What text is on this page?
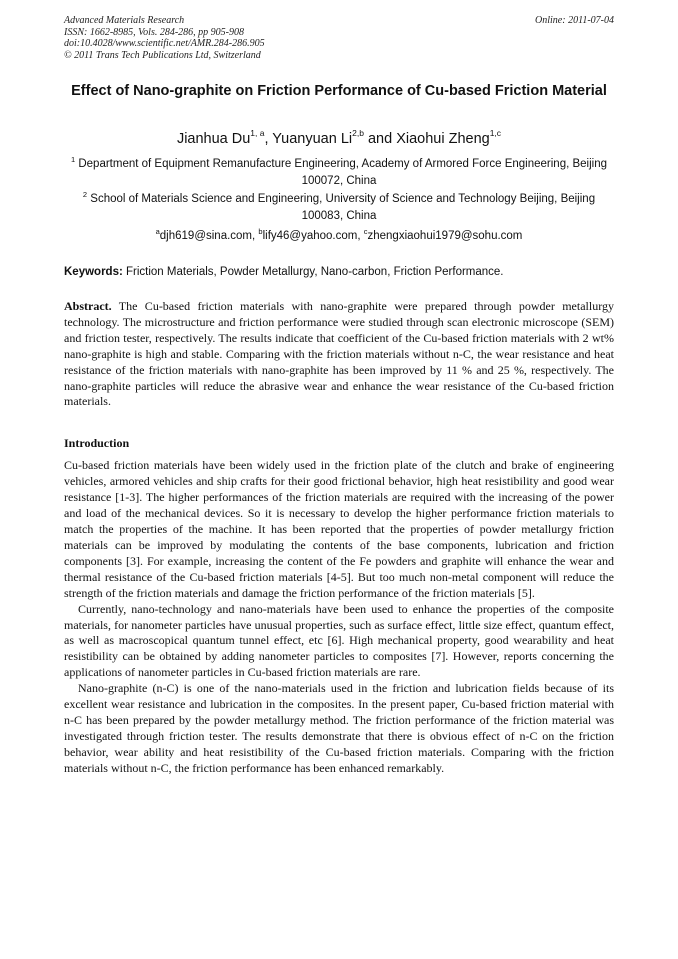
Advanced Materials Research
ISSN: 1662-8985, Vols. 284-286, pp 905-908
doi:10.4028/www.scientific.net/AMR.284-286.905
© 2011 Trans Tech Publications Ltd, Switzerland
Online: 2011-07-04
Effect of Nano-graphite on Friction Performance of Cu-based Friction Material
Jianhua Du$^{1, a}$, Yuanyuan Li$^{2,b}$ and Xiaohui Zheng$^{1,c}$
$^1$ Department of Equipment Remanufacture Engineering, Academy of Armored Force Engineering, Beijing 100072, China
$^2$ School of Materials Science and Engineering, University of Science and Technology Beijing, Beijing 100083, China
$^a$djh619@sina.com, $^b$lify46@yahoo.com, $^c$zhengxiaohui1979@sohu.com
Keywords: Friction Materials, Powder Metallurgy, Nano-carbon, Friction Performance.
Abstract. The Cu-based friction materials with nano-graphite were prepared through powder metallurgy technology. The microstructure and friction performance were studied through scan electronic microscope (SEM) and friction tester, respectively. The results indicate that coefficient of the Cu-based friction materials with 2 wt% nano-graphite is high and stable. Comparing with the friction materials without n-C, the wear resistance and heat resistance of the friction materials with nano-graphite has been improved by 11 % and 25 %, respectively. The nano-graphite particles will reduce the abrasive wear and enhance the wear resistance of the Cu-based friction materials.
Introduction

Cu-based friction materials have been widely used in the friction plate of the clutch and brake of engineering vehicles, armored vehicles and ship crafts for their good frictional behavior, high heat resistibility and good wear resistance [1-3]. The higher performances of the friction materials are required with the increasing of the power and load of the mechanical devices. So it is necessary to develop the higher performance friction materials to match the properties of the machine. It has been reported that the properties of powder metallurgy friction materials can be improved by modulating the contents of the base components, lubrication and friction components [3]. For example, increasing the content of the Fe powders and graphite will enhance the wear and thermal resistance of the Cu-based friction materials [4-5]. But too much non-metal component will reduce the strength of the friction materials and damage the friction performance of the friction materials [5].

Currently, nano-technology and nano-materials have been used to enhance the properties of the composite materials, for nanometer particles have unusual properties, such as surface effect, little size effect, quantum effect, as well as macroscopical quantum tunnel effect, etc [6]. High mechanical property, good wearability and heat resistibility can be obtained by adding nanometer particles to composites [7]. However, reports concerning the applications of nanometer particles in Cu-based friction materials are rare.

Nano-graphite (n-C) is one of the nano-materials used in the friction and lubrication fields because of its excellent wear resistance and lubrication in the composites. In the present paper, Cu-based friction material with n-C has been prepared by the powder metallurgy method. The friction performance of the friction material was investigated through friction tester. The results demonstrate that there is obvious effect of n-C on the friction behavior, wear ability and heat resistibility of the Cu-based friction materials. Comparing with the friction materials without n-C, the friction performance has been enhanced remarkably.
